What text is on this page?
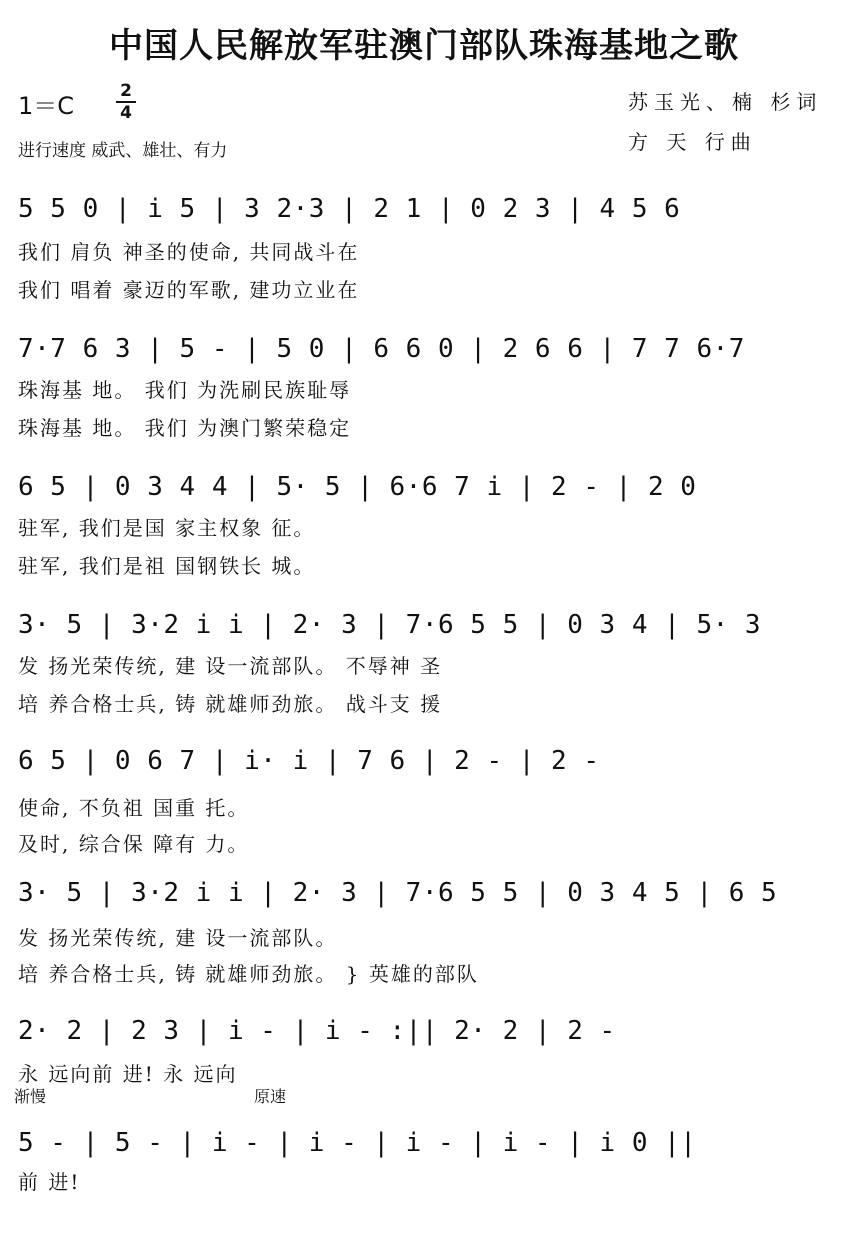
中国人民解放军驻澳门部队珠海基地之歌
1＝C
2
4
进行速度 威武、雄壮、有力
苏玉光、楠 杉词
方 天 行曲
5 5 0 | i 5 | 3 2·3 | 2 1 | 0 2 3 | 4 5 6
我们 肩负 神圣的使命, 共同战斗在
我们 唱着 豪迈的军歌, 建功立业在
7·7 6 3 | 5 - | 5 0 | 6 6 0 | 2 6 6 | 7 7 6·7
珠海基 地。 我们 为洗刷民族耻辱
珠海基 地。 我们 为澳门繁荣稳定
6 5 | 0 3 4 4 | 5· 5 | 6·6 7 i | 2 - | 2 0
驻军, 我们是国 家主权象 征。
驻军, 我们是祖 国钢铁长 城。
3· 5 | 3·2 i i | 2· 3 | 7·6 5 5 | 0 3 4 | 5· 3
发 扬光荣传统, 建 设一流部队。 不辱神 圣
培 养合格士兵, 铸 就雄师劲旅。 战斗支 援
6 5 | 0 6 7 | i· i | 7 6 | 2 - | 2 -
使命, 不负祖 国重 托。
及时, 综合保 障有 力。
3· 5 | 3·2 i i | 2· 3 | 7·6 5 5 | 0 3 4 5 | 6 5
发 扬光荣传统, 建 设一流部队。
培 养合格士兵, 铸 就雄师劲旅。 } 英雄的部队
2· 2 | 2 3 | i - | i - :|| 2· 2 | 2 -
永 远向前 进! 永 远向
渐慢	原速
5 - | 5 - | i - | i - | i - | i - | i 0 ||
前 进!
